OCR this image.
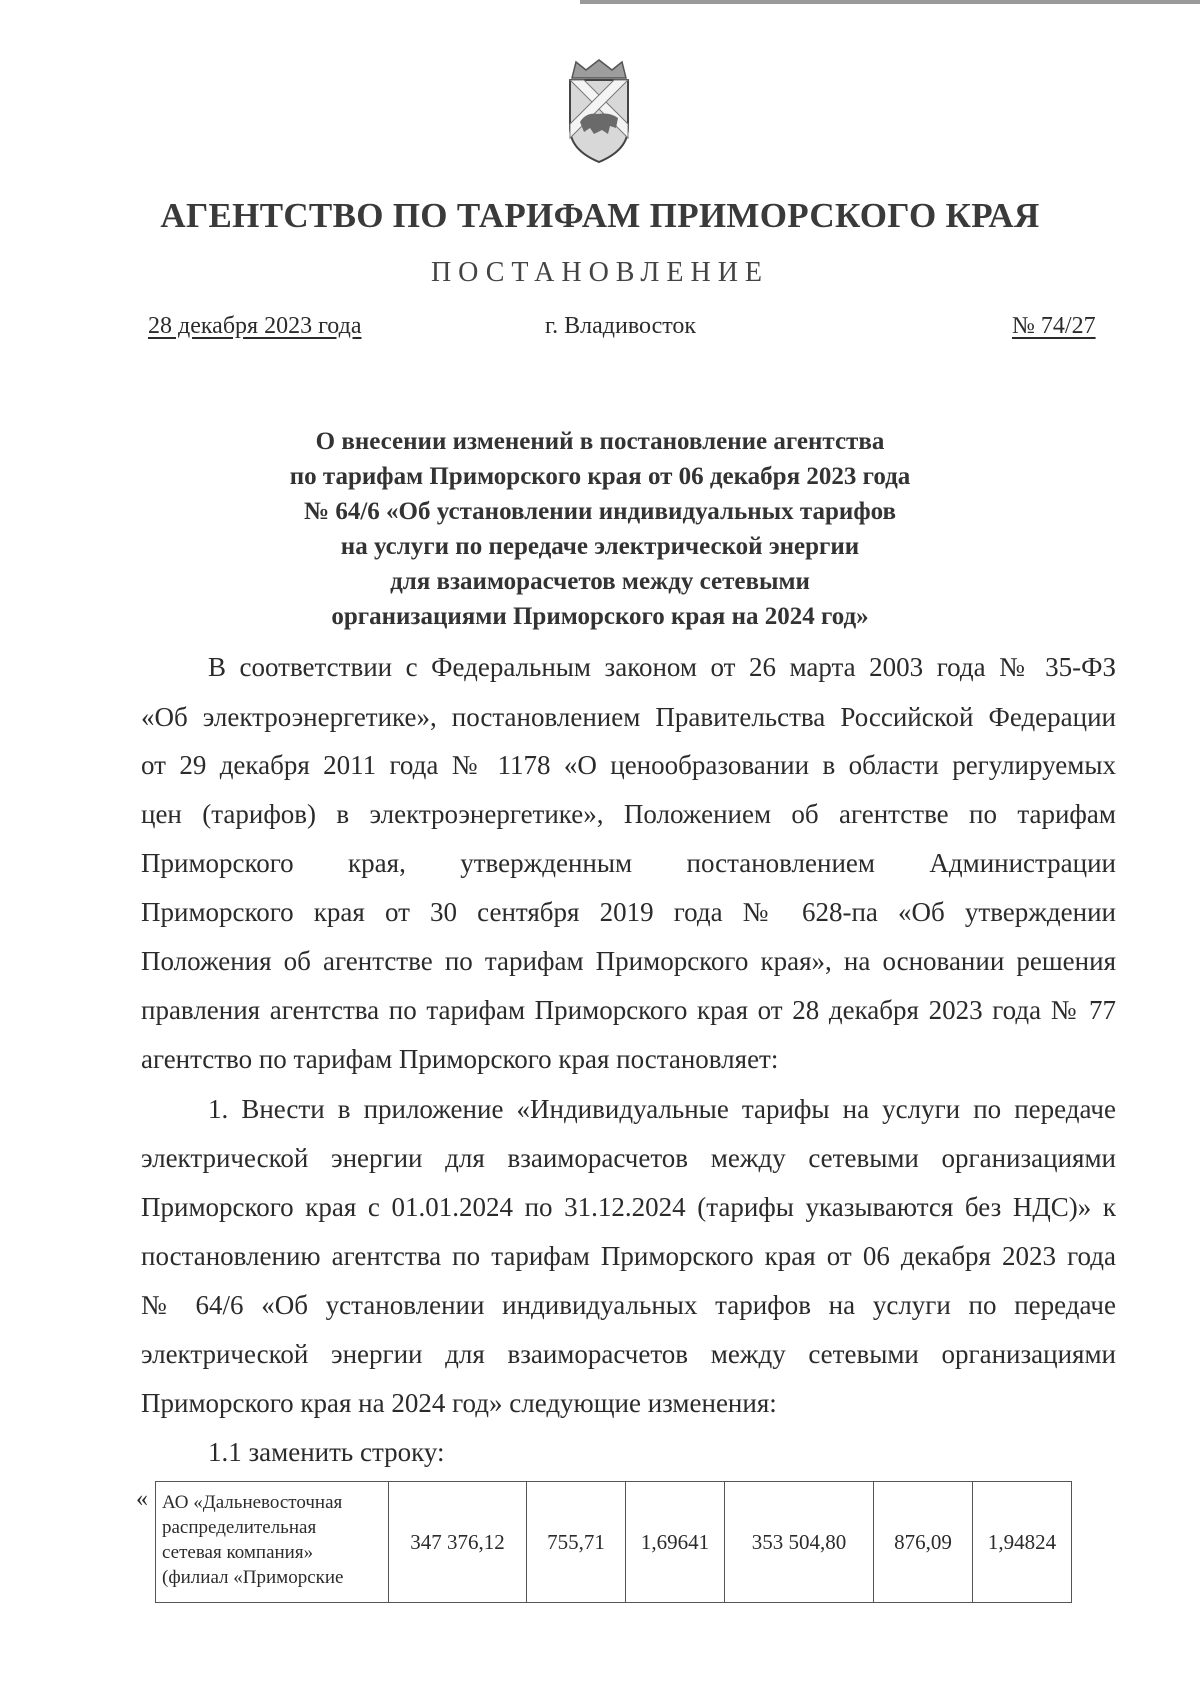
АГЕНТСТВО ПО ТАРИФАМ ПРИМОРСКОГО КРАЯ
ПОСТАНОВЛЕНИЕ
28 декабря 2023 года	г. Владивосток	№ 74/27
О внесении изменений в постановление агентства
по тарифам Приморского края от 06 декабря 2023 года
№ 64/6 «Об установлении индивидуальных тарифов
на услуги по передаче электрической энергии
для взаиморасчетов между сетевыми
организациями Приморского края на 2024 год»
В соответствии с Федеральным законом от 26 марта 2003 года № 35-ФЗ
«Об электроэнергетике», постановлением Правительства Российской Федерации
от 29 декабря 2011 года № 1178 «О ценообразовании в области регулируемых
цен (тарифов) в электроэнергетике», Положением об агентстве по тарифам
Приморского края, утвержденным постановлением Администрации
Приморского края от 30 сентября 2019 года № 628-па «Об утверждении
Положения об агентстве по тарифам Приморского края», на основании решения
правления агентства по тарифам Приморского края от 28 декабря 2023 года № 77
агентство по тарифам Приморского края постановляет:
1. Внести в приложение «Индивидуальные тарифы на услуги по передаче
электрической энергии для взаиморасчетов между сетевыми организациями
Приморского края с 01.01.2024 по 31.12.2024 (тарифы указываются без НДС)» к
постановлению агентства по тарифам Приморского края от 06 декабря 2023 года
№ 64/6 «Об установлении индивидуальных тарифов на услуги по передаче
электрической энергии для взаиморасчетов между сетевыми организациями
Приморского края на 2024 год» следующие изменения:
1.1 заменить строку:
« АО «Дальневосточная
распределительная
сетевая компания»
(филиал «Приморские
	347 376,12	755,71	1,69641	353 504,80	876,09	1,94824
